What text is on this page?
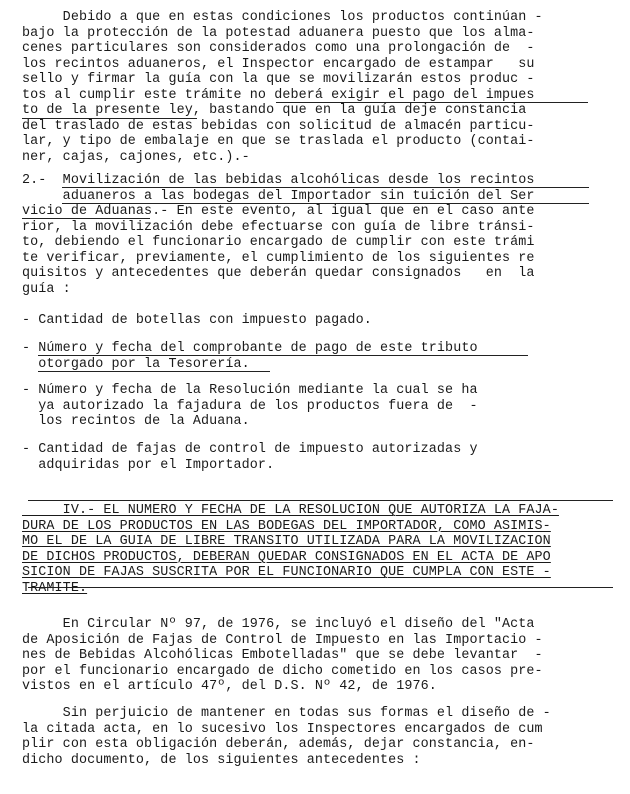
Debido a que en estas condiciones los productos continúan -
bajo la protección de la potestad aduanera puesto que los alma-
cenes particulares son considerados como una prolongación de  -
los recintos aduaneros, el Inspector encargado de estampar   su
sello y firmar la guía con la que se movilizarán estos produc -
tos al cumplir este trámite no deberá exigir el pago del impues
to de la presente ley, bastando que en la guía deje constancia
del traslado de estas bebidas con solicitud de almacén particu-
lar, y tipo de embalaje en que se traslada el producto (contai-
ner, cajas, cajones, etc.).-
2.-  Movilización de las bebidas alcohólicas desde los recintos
aduaneros a las bodegas del Importador sin tuición del Ser
vicio de Aduanas.- En este evento, al igual que en el caso ante
rior, la movilización debe efectuarse con guía de libre tránsi-
to, debiendo el funcionario encargado de cumplir con este trámi
te verificar, previamente, el cumplimiento de los siguientes re
quisitos y antecedentes que deberán quedar consignados   en  la
guía :
- Cantidad de botellas con impuesto pagado.
- Número y fecha del comprobante de pago de este tributo
otorgado por la Tesorería.
- Número y fecha de la Resolución mediante la cual se ha
ya autorizado la fajadura de los productos fuera de  -
los recintos de la Aduana.
- Cantidad de fajas de control de impuesto autorizadas y
adquiridas por el Importador.
IV.- EL NUMERO Y FECHA DE LA RESOLUCION QUE AUTORIZA LA FAJA-
DURA DE LOS PRODUCTOS EN LAS BODEGAS DEL IMPORTADOR, COMO ASIMIS-
MO EL DE LA GUIA DE LIBRE TRANSITO UTILIZADA PARA LA MOVILIZACION
DE DICHOS PRODUCTOS, DEBERAN QUEDAR CONSIGNADOS EN EL ACTA DE APO
SICION DE FAJAS SUSCRITA POR EL FUNCIONARIO QUE CUMPLA CON ESTE -
TRAMITE.
En Circular Nº 97, de 1976, se incluyó el diseño del "Acta
de Aposición de Fajas de Control de Impuesto en las Importacio -
nes de Bebidas Alcohólicas Embotelladas" que se debe levantar  -
por el funcionario encargado de dicho cometido en los casos pre-
vistos en el artículo 47º, del D.S. Nº 42, de 1976.
Sin perjuicio de mantener en todas sus formas el diseño de -
la citada acta, en lo sucesivo los Inspectores encargados de cum
plir con esta obligación deberán, además, dejar constancia, en-
dicho documento, de los siguientes antecedentes :
